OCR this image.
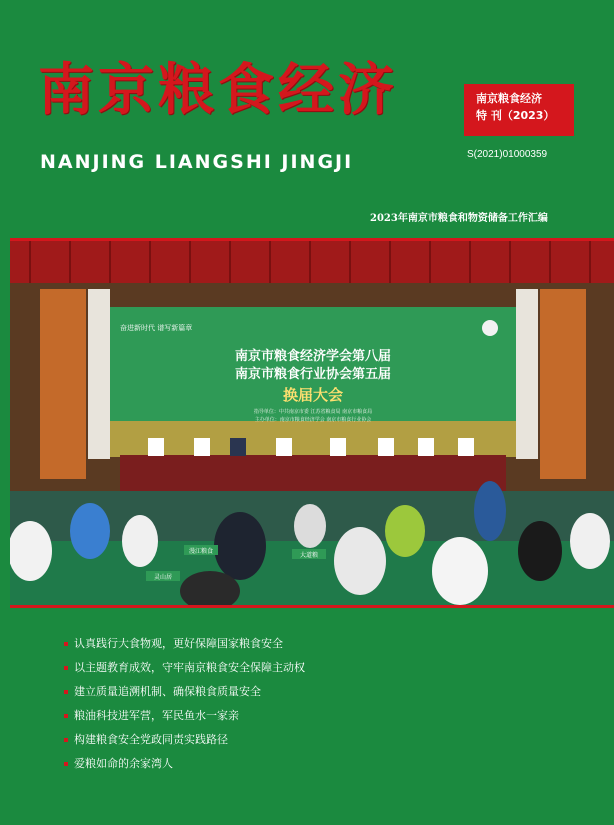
南京粮食经济
NANJING LIANGSHI JINGJI
南京粮食经济
特 刊（2023）
S(2021)01000359
2023年南京市粮食和物资储备工作汇编
奋进新时代 谱写新篇章
南京市粮食经济学会第八届
南京市粮食行业协会第五届
换届大会
指导单位：中共南京市委 江苏省粮食局 南京市粮食局
主办单位：南京市粮食经济学会 南京市粮食行业协会
灵山居
漫江粮食
大道粮
认真践行大食物观，更好保障国家粮食安全
以主题教育成效，守牢南京粮食安全保障主动权
建立质量追溯机制、确保粮食质量安全
粮油科技进军营，军民鱼水一家亲
构建粮食安全党政同责实践路径
爱粮如命的余家湾人
